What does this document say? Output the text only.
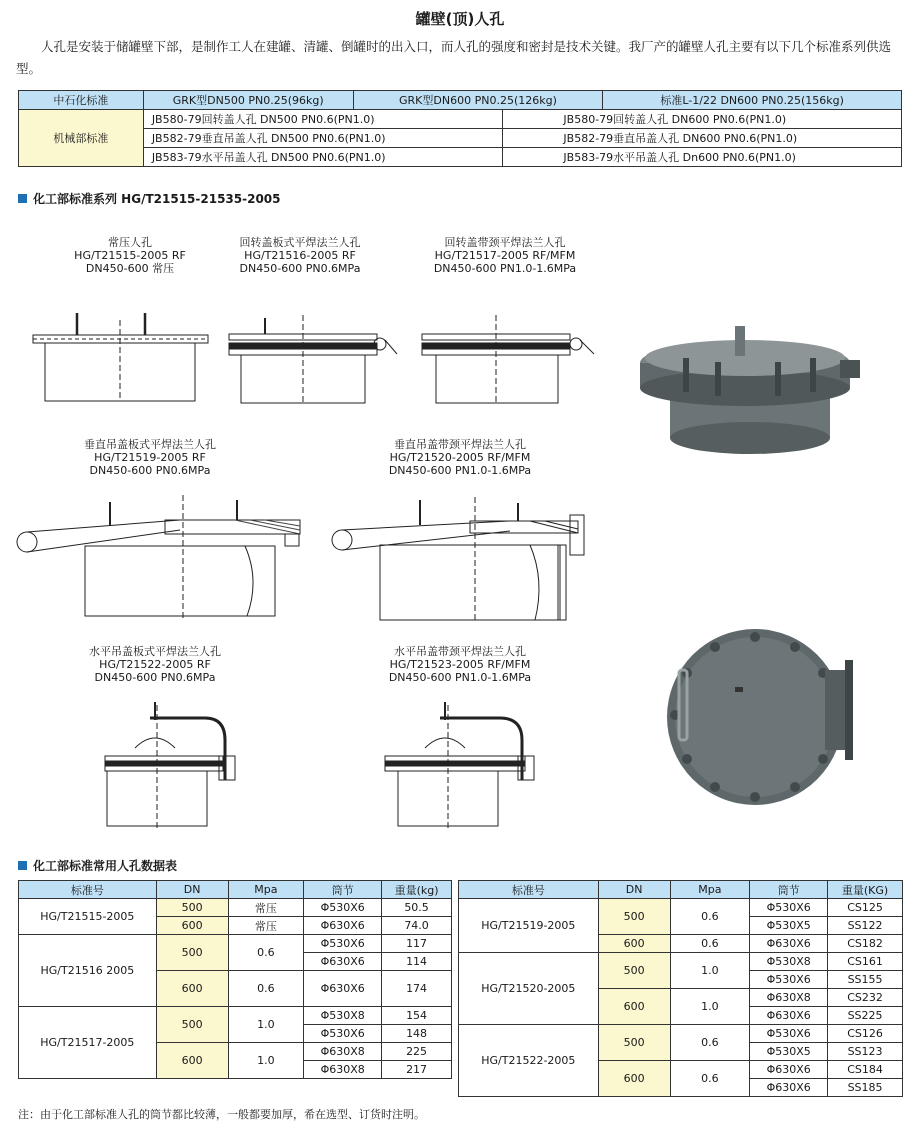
罐壁(顶)人孔
人孔是安装于储罐壁下部，是制作工人在建罐、清罐、倒罐时的出入口，而人孔的强度和密封是技术关键。我厂产的罐壁人孔主要有以下几个标准系列供选型。
中石化标准	GRK型DN500 PN0.25(96kg)	GRK型DN600 PN0.25(126kg)		标准L-1/22 DN600 PN0.25(156kg)
机械部标准	JB580-79回转盖人孔 DN500 PN0.6(PN1.0)		JB580-79回转盖人孔 DN600 PN0.6(PN1.0)	
	JB582-79垂直吊盖人孔 DN500 PN0.6(PN1.0)		JB582-79垂直吊盖人孔 DN600 PN0.6(PN1.0)	
	JB583-79水平吊盖人孔 DN500 PN0.6(PN1.0)		JB583-79水平吊盖人孔 Dn600 PN0.6(PN1.0)	
化工部标准系列 HG/T21515-21535-2005
常压人孔
HG/T21515-2005 RF
DN450-600 常压
回转盖板式平焊法兰人孔
HG/T21516-2005 RF
DN450-600 PN0.6MPa
回转盖带颈平焊法兰人孔
HG/T21517-2005 RF/MFM
DN450-600 PN1.0-1.6MPa
垂直吊盖板式平焊法兰人孔
HG/T21519-2005 RF
DN450-600 PN0.6MPa
垂直吊盖带颈平焊法兰人孔
HG/T21520-2005 RF/MFM
DN450-600 PN1.0-1.6MPa
水平吊盖板式平焊法兰人孔
HG/T21522-2005 RF
DN450-600 PN0.6MPa
水平吊盖带颈平焊法兰人孔
HG/T21523-2005 RF/MFM
DN450-600 PN1.0-1.6MPa
化工部标准常用人孔数据表
标准号	DN	Mpa	筒节	重量(kg)
HG/T21515-2005	500	常压	Φ530X6	50.5
	600	常压	Φ630X6	74.0
HG/T21516 2005	500	0.6	Φ530X6	117
			Φ630X6	114
	600	0.6	Φ630X6	174
HG/T21517-2005	500	1.0	Φ530X8	154
			Φ530X6	148
	600	1.0	Φ630X8	225
			Φ630X8	217
标准号	DN	Mpa	筒节	重量(KG)
HG/T21519-2005	500	0.6	Φ530X6	CS125
			Φ530X5	SS122
	600	0.6	Φ630X6	CS182
HG/T21520-2005	500	1.0	Φ530X8	CS161
			Φ530X6	SS155
	600	1.0	Φ630X8	CS232
			Φ630X6	SS225
HG/T21522-2005	500	0.6	Φ530X6	CS126
			Φ530X5	SS123
	600	0.6	Φ630X6	CS184
			Φ630X6	SS185
注：由于化工部标准人孔的筒节都比较薄，一般都要加厚，希在选型、订货时注明。
